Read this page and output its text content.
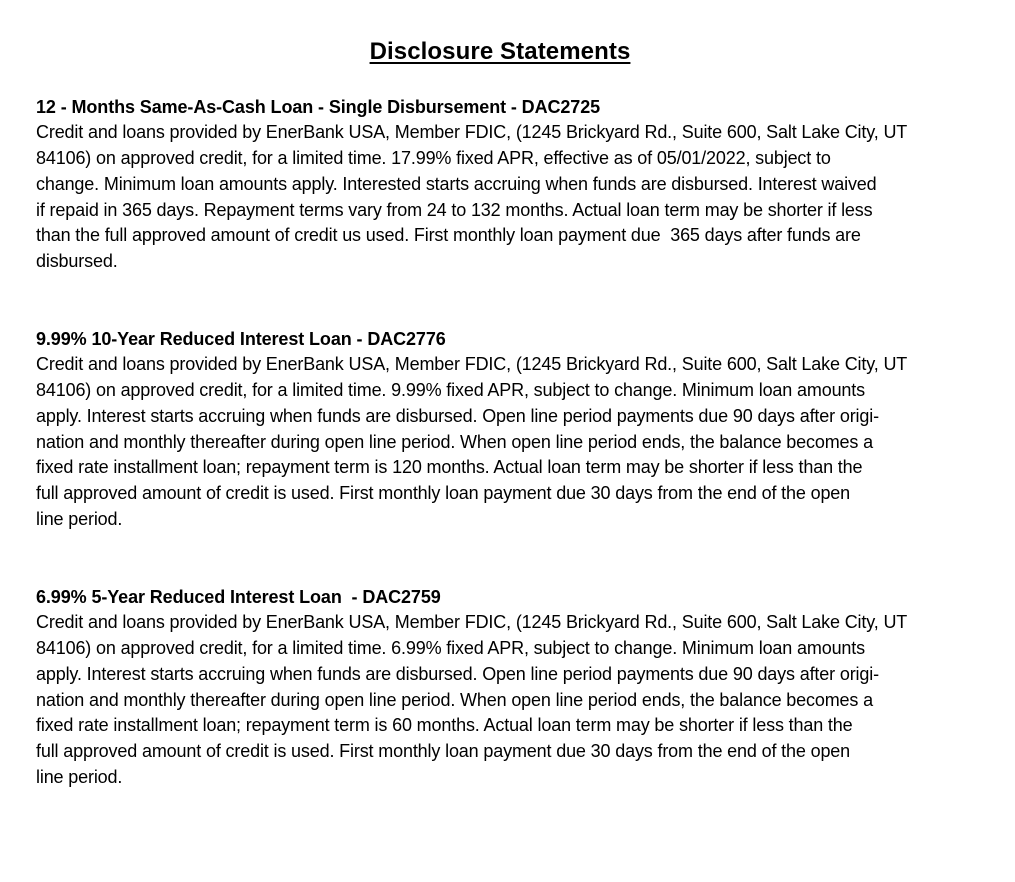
Disclosure Statements
12 - Months Same-As-Cash Loan - Single Disbursement - DAC2725
Credit and loans provided by EnerBank USA, Member FDIC, (1245 Brickyard Rd., Suite 600, Salt Lake City, UT
84106) on approved credit, for a limited time. 17.99% fixed APR, effective as of 05/01/2022, subject to
change. Minimum loan amounts apply. Interested starts accruing when funds are disbursed. Interest waived
if repaid in 365 days. Repayment terms vary from 24 to 132 months. Actual loan term may be shorter if less
than the full approved amount of credit us used. First monthly loan payment due  365 days after funds are
disbursed.
9.99% 10-Year Reduced Interest Loan - DAC2776
Credit and loans provided by EnerBank USA, Member FDIC, (1245 Brickyard Rd., Suite 600, Salt Lake City, UT
84106) on approved credit, for a limited time. 9.99% fixed APR, subject to change. Minimum loan amounts
apply. Interest starts accruing when funds are disbursed. Open line period payments due 90 days after origi-
nation and monthly thereafter during open line period. When open line period ends, the balance becomes a
fixed rate installment loan; repayment term is 120 months. Actual loan term may be shorter if less than the
full approved amount of credit is used. First monthly loan payment due 30 days from the end of the open
line period.
6.99% 5-Year Reduced Interest Loan  - DAC2759
Credit and loans provided by EnerBank USA, Member FDIC, (1245 Brickyard Rd., Suite 600, Salt Lake City, UT
84106) on approved credit, for a limited time. 6.99% fixed APR, subject to change. Minimum loan amounts
apply. Interest starts accruing when funds are disbursed. Open line period payments due 90 days after origi-
nation and monthly thereafter during open line period. When open line period ends, the balance becomes a
fixed rate installment loan; repayment term is 60 months. Actual loan term may be shorter if less than the
full approved amount of credit is used. First monthly loan payment due 30 days from the end of the open
line period.
